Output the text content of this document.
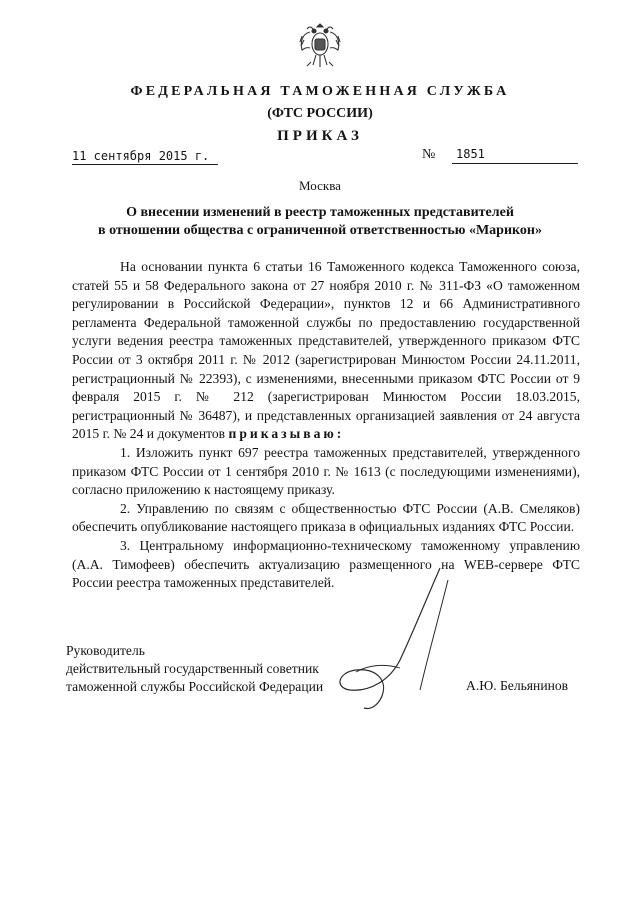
ФЕДЕРАЛЬНАЯ ТАМОЖЕННАЯ СЛУЖБА
(ФТС РОССИИ)
ПРИКАЗ
11 сентября 2015 г.	№	1851
Москва
О внесении изменений в реестр таможенных представителей
в отношении общества с ограниченной ответственностью «Марикон»

На основании пункта 6 статьи 16 Таможенного кодекса Таможенного союза, статей 55 и 58 Федерального закона от 27 ноября 2010 г. № 311-ФЗ «О таможенном регулировании в Российской Федерации», пунктов 12 и 66 Административного регламента Федеральной таможенной службы по предоставлению государственной услуги ведения реестра таможенных представителей, утвержденного приказом ФТС России от 3 октября 2011 г. № 2012 (зарегистрирован Минюстом России 24.11.2011, регистрационный № 22393), с изменениями, внесенными приказом ФТС России от 9 февраля 2015 г. № 212 (зарегистрирован Минюстом России 18.03.2015, регистрационный № 36487), и представленных организацией заявления от 24 августа 2015 г. № 24 и документов приказываю:

1. Изложить пункт 697 реестра таможенных представителей, утвержденного приказом ФТС России от 1 сентября 2010 г. № 1613 (с последующими изменениями), согласно приложению к настоящему приказу.

2. Управлению по связям с общественностью ФТС России (А.В. Смеляков) обеспечить опубликование настоящего приказа в официальных изданиях ФТС России.

3. Центральному информационно-техническому таможенному управлению (А.А. Тимофеев) обеспечить актуализацию размещенного на WEB-сервере ФТС России реестра таможенных представителей.

Руководитель
действительный государственный советник
таможенной службы Российской Федерации	А.Ю. Бельянинов
